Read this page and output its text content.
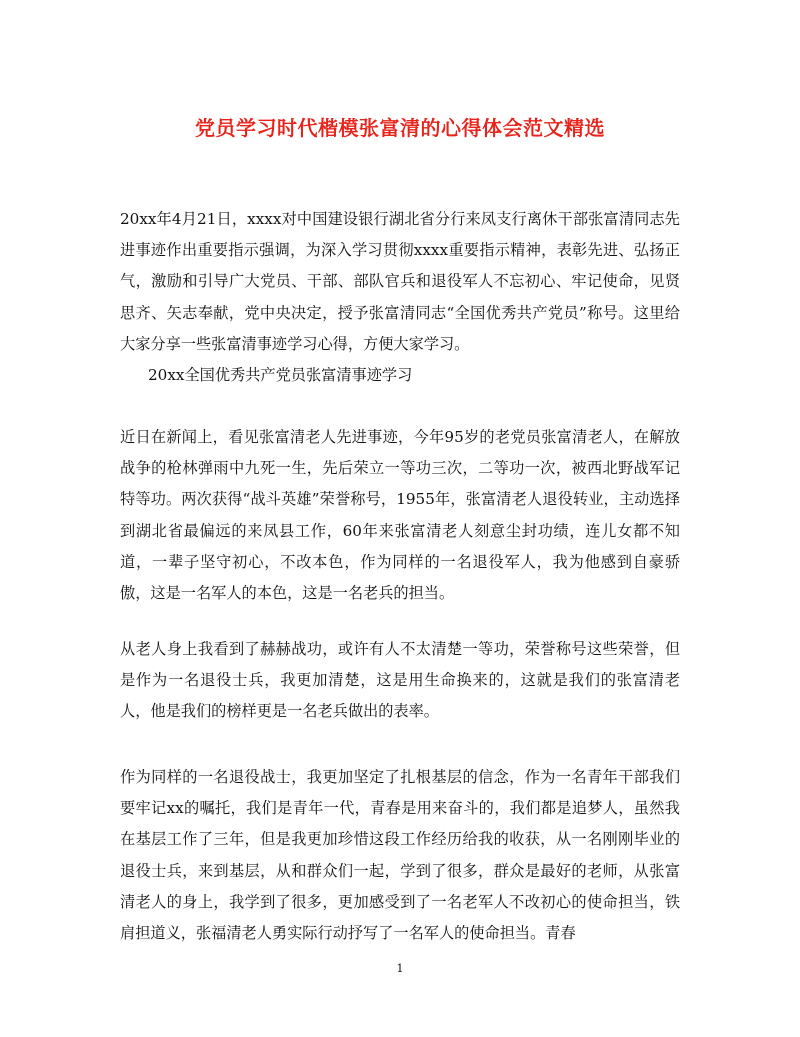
党员学习时代楷模张富清的心得体会范文精选

20xx年4月21日，xxxx对中国建设银行湖北省分行来凤支行离休干部张富清同志先进事迹作出重要指示强调，为深入学习贯彻xxxx重要指示精神，表彰先进、弘扬正气，激励和引导广大党员、干部、部队官兵和退役军人不忘初心、牢记使命，见贤思齐、矢志奉献，党中央决定，授予张富清同志“全国优秀共产党员”称号。这里给大家分享一些张富清事迹学习心得，方便大家学习。

20xx全国优秀共产党员张富清事迹学习

近日在新闻上，看见张富清老人先进事迹，今年95岁的老党员张富清老人，在解放战争的枪林弹雨中九死一生，先后荣立一等功三次，二等功一次，被西北野战军记特等功。两次获得“战斗英雄”荣誉称号，1955年，张富清老人退役转业，主动选择到湖北省最偏远的来凤县工作，60年来张富清老人刻意尘封功绩，连儿女都不知道，一辈子坚守初心，不改本色，作为同样的一名退役军人，我为他感到自豪骄傲，这是一名军人的本色，这是一名老兵的担当。

从老人身上我看到了赫赫战功，或许有人不太清楚一等功，荣誉称号这些荣誉，但是作为一名退役士兵，我更加清楚，这是用生命换来的，这就是我们的张富清老人，他是我们的榜样更是一名老兵做出的表率。

作为同样的一名退役战士，我更加坚定了扎根基层的信念，作为一名青年干部我们要牢记xx的嘱托，我们是青年一代，青春是用来奋斗的，我们都是追梦人，虽然我在基层工作了三年，但是我更加珍惜这段工作经历给我的收获，从一名刚刚毕业的退役士兵，来到基层，从和群众们一起，学到了很多，群众是最好的老师，从张富清老人的身上，我学到了很多，更加感受到了一名老军人不改初心的使命担当，铁肩担道义，张福清老人勇实际行动抒写了一名军人的使命担当。青春

1
